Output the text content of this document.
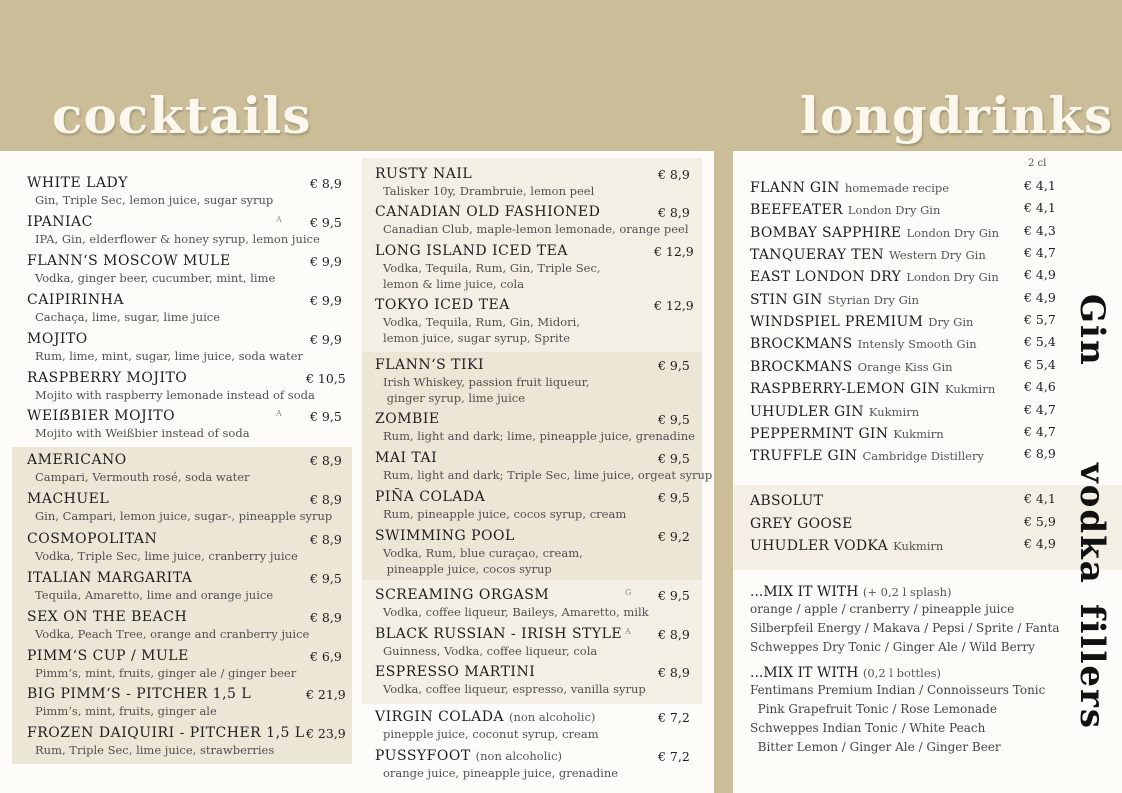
cocktails	longdrinks
WHITE LADY
Gin, Triple Sec, lemon juice, sugar syrup
€ 8,9
IPANIAC
IPA, Gin, elderflower & honey syrup, lemon juice
€ 9,5
A
FLANN‘S MOSCOW MULE
Vodka, ginger beer, cucumber, mint, lime
€ 9,9
CAIPIRINHA
Cachaça, lime, sugar, lime juice
€ 9,9
MOJITO
Rum, lime, mint, sugar, lime juice, soda water
€ 9,9
RASPBERRY MOJITO
Mojito with raspberry lemonade instead of soda
€ 10,5
WEIẞBIER MOJITO
Mojito with Weißbier instead of soda
€ 9,5
A
AMERICANO
Campari, Vermouth rosé, soda water
€ 8,9
MACHUEL
Gin, Campari, lemon juice, sugar-, pineapple syrup
€ 8,9
COSMOPOLITAN
Vodka, Triple Sec, lime juice, cranberry juice
€ 8,9
ITALIAN MARGARITA
Tequila, Amaretto, lime and orange juice
€ 9,5
SEX ON THE BEACH
Vodka, Peach Tree, orange and cranberry juice
€ 8,9
PIMM‘S CUP / MULE
Pimm‘s, mint, fruits, ginger ale / ginger beer
€ 6,9
BIG PIMM‘S - PITCHER 1,5 L
Pimm‘s, mint, fruits, ginger ale
€ 21,9
FROZEN DAIQUIRI - PITCHER 1,5 L
Rum, Triple Sec, lime juice, strawberries
€ 23,9
RUSTY NAIL
Talisker 10y, Drambruie, lemon peel
€ 8,9
CANADIAN OLD FASHIONED
Canadian Club, maple-lemon lemonade, orange peel
€ 8,9
LONG ISLAND ICED TEA
Vodka, Tequila, Rum, Gin, Triple Sec,
lemon & lime juice, cola
€ 12,9
TOKYO ICED TEA
Vodka, Tequila, Rum, Gin, Midori,
lemon juice, sugar syrup, Sprite
€ 12,9
FLANN‘S TIKI
Irish Whiskey, passion fruit liqueur,
ginger syrup, lime juice
€ 9,5
ZOMBIE
Rum, light and dark; lime, pineapple juice, grenadine
€ 9,5
MAI TAI
Rum, light and dark; Triple Sec, lime juice, orgeat syrup
€ 9,5
PIÑA COLADA
Rum, pineapple juice, cocos syrup, cream
€ 9,5
SWIMMING POOL
Vodka, Rum, blue curaçao, cream,
pineapple juice, cocos syrup
€ 9,2
SCREAMING ORGASM
Vodka, coffee liqueur, Baileys, Amaretto, milk
€ 9,5
G
BLACK RUSSIAN - IRISH STYLE
Guinness, Vodka, coffee liqueur, cola
€ 8,9
A
ESPRESSO MARTINI
Vodka, coffee liqueur, espresso, vanilla syrup
€ 8,9
VIRGIN COLADA (non alcoholic)
pinepple juice, coconut syrup, cream
€ 7,2
PUSSYFOOT (non alcoholic)
orange juice, pineapple juice, grenadine
€ 7,2
2 cl
FLANN GIN homemade recipe	€ 4,1
BEEFEATER London Dry Gin	€ 4,1
BOMBAY SAPPHIRE London Dry Gin € 4,3
TANQUERAY TEN Western Dry Gin	€ 4,7
EAST LONDON DRY London Dry Gin € 4,9
STIN GIN Styrian Dry Gin	€ 4,9
WINDSPIEL PREMIUM Dry Gin	€ 5,7
BROCKMANS Intensly Smooth Gin	€ 5,4
BROCKMANS Orange Kiss Gin	€ 5,4
RASPBERRY-LEMON GIN Kukmirn € 4,6
UHUDLER GIN Kukmirn	€ 4,7
PEPPERMINT GIN Kukmirn	€ 4,7
TRUFFLE GIN Cambridge Distillery	€ 8,9
ABSOLUT	€ 4,1
GREY GOOSE	€ 5,9
UHUDLER VODKA Kukmirn	€ 4,9
...MIX IT WITH (+ 0,2 l splash)
orange / apple / cranberry / pineapple juice
Silberpfeil Energy / Makava / Pepsi / Sprite / Fanta
Schweppes Dry Tonic / Ginger Ale / Wild Berry
...MIX IT WITH (0,2 l bottles)
Fentimans Premium Indian / Connoisseurs Tonic
Pink Grapefruit Tonic / Rose Lemonade
Schweppes Indian Tonic / White Peach
Bitter Lemon / Ginger Ale / Ginger Beer
Gin
vodka
fillers
